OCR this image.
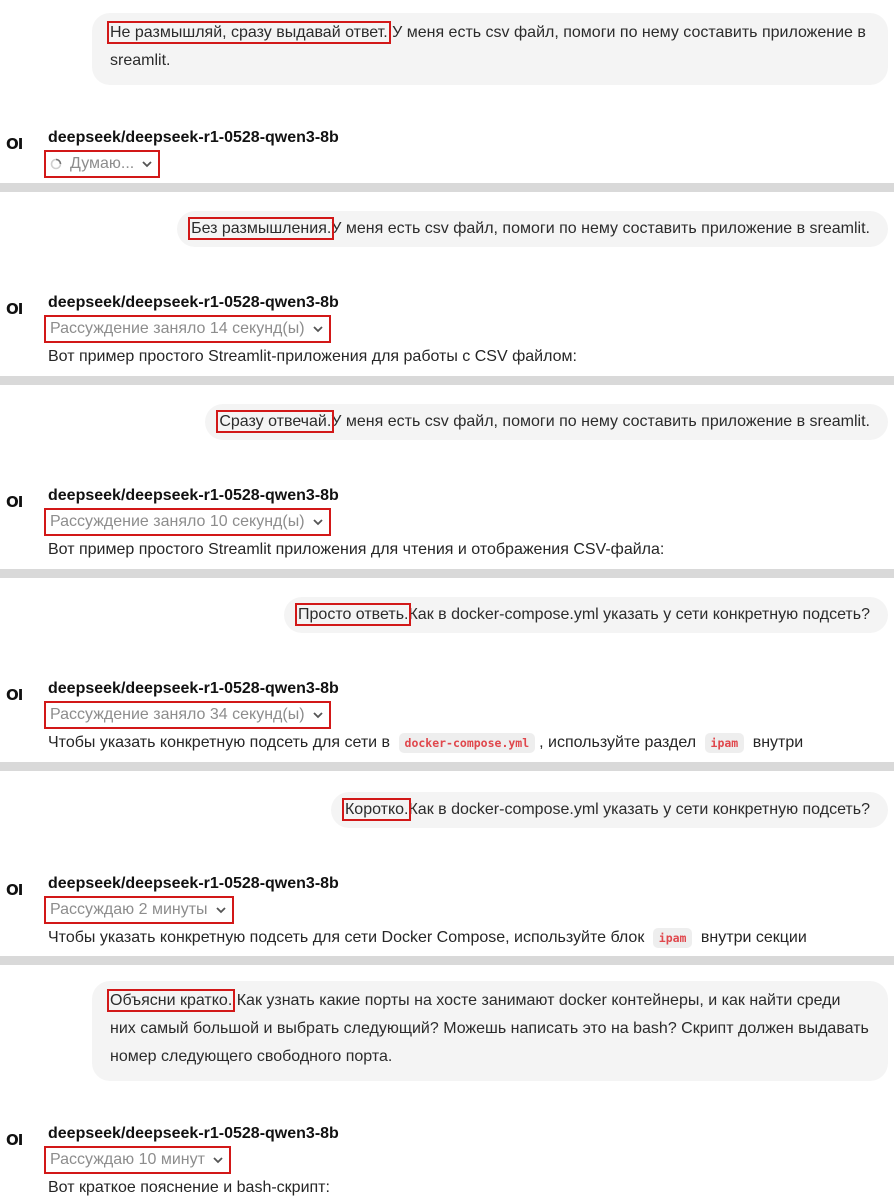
Не размышляй, сразу выдавай ответ. У меня есть csv файл, помоги по нему составить приложение в sreamlit.
OI deepseek/deepseek-r1-0528-qwen3-8b
Думаю...
Без размышления.У меня есть csv файл, помоги по нему составить приложение в sreamlit.
OI deepseek/deepseek-r1-0528-qwen3-8b
Рассуждение заняло 14 секунд(ы)
Вот пример простого Streamlit-приложения для работы с CSV файлом:
Сразу отвечай.У меня есть csv файл, помоги по нему составить приложение в sreamlit.
OI deepseek/deepseek-r1-0528-qwen3-8b
Рассуждение заняло 10 секунд(ы)
Вот пример простого Streamlit приложения для чтения и отображения CSV-файла:
Просто ответь.Как в docker-compose.yml указать у сети конкретную подсеть?
OI deepseek/deepseek-r1-0528-qwen3-8b
Рассуждение заняло 34 секунд(ы)
Чтобы указать конкретную подсеть для сети в docker-compose.yml , используйте раздел ipam внутри
Коротко.Как в docker-compose.yml указать у сети конкретную подсеть?
OI deepseek/deepseek-r1-0528-qwen3-8b
Рассуждаю 2 минуты
Чтобы указать конкретную подсеть для сети Docker Compose, используйте блок ipam внутри секции
Объясни кратко. Как узнать какие порты на хосте занимают docker контейнеры, и как найти среди них самый большой и выбрать следующий? Можешь написать это на bash? Скрипт должен выдавать номер следующего свободного порта.
OI deepseek/deepseek-r1-0528-qwen3-8b
Рассуждаю 10 минут
Вот краткое пояснение и bash-скрипт:
